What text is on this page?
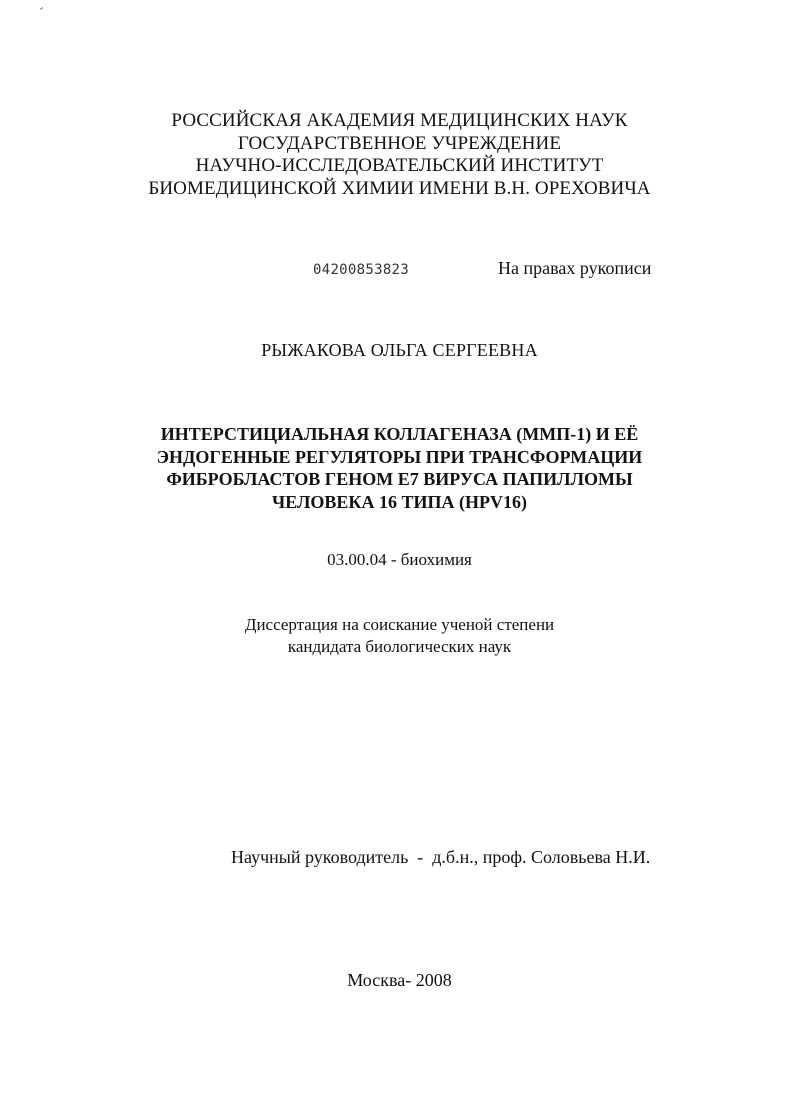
РОССИЙСКАЯ АКАДЕМИЯ МЕДИЦИНСКИХ НАУК
ГОСУДАРСТВЕННОЕ УЧРЕЖДЕНИЕ
НАУЧНО-ИССЛЕДОВАТЕЛЬСКИЙ ИНСТИТУТ
БИОМЕДИЦИНСКОЙ ХИМИИ ИМЕНИ В.Н. ОРЕХОВИЧА
04200853823	На правах рукописи
РЫЖАКОВА ОЛЬГА СЕРГЕЕВНА
ИНТЕРСТИЦИАЛЬНАЯ КОЛЛАГЕНАЗА (ММП-1) И ЕЁ
ЭНДОГЕННЫЕ РЕГУЛЯТОРЫ ПРИ ТРАНСФОРМАЦИИ
ФИБРОБЛАСТОВ ГЕНОМ Е7 ВИРУСА ПАПИЛЛОМЫ
ЧЕЛОВЕКА 16 ТИПА (HPV16)
03.00.04 - биохимия
Диссертация на соискание ученой степени
кандидата биологических наук
Научный руководитель  -  д.б.н., проф. Соловьева Н.И.
Москва- 2008
